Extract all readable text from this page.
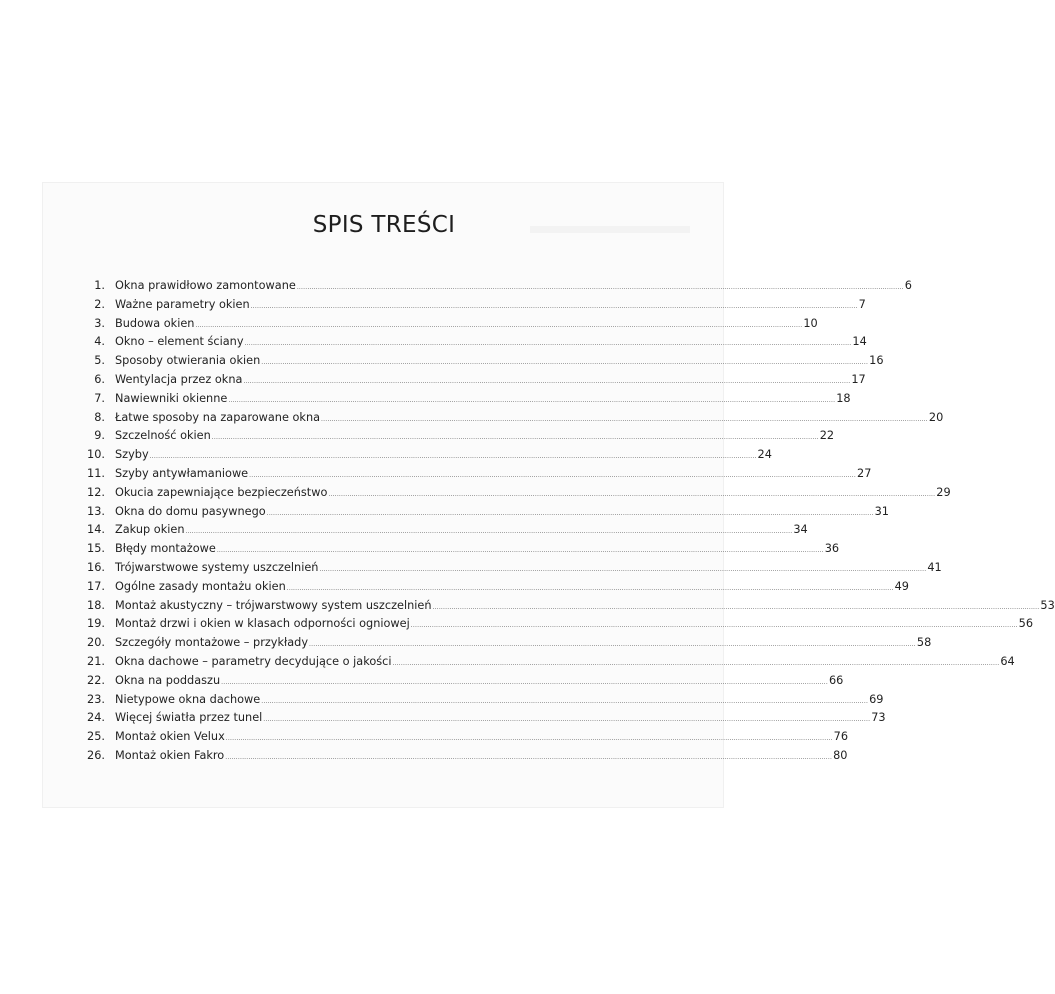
SPIS TREŚCI
1. Okna prawidłowo zamontowane ................................................................................................................................................................................................................................................................................................ 6
2. Ważne parametry okien ................................................................................................................................................................................................................................................................................................ 7
3. Budowa okien ................................................................................................................................................................................................................................................................................................ 10
4. Okno – element ściany ................................................................................................................................................................................................................................................................................................ 14
5. Sposoby otwierania okien ................................................................................................................................................................................................................................................................................................ 16
6. Wentylacja przez okna ................................................................................................................................................................................................................................................................................................ 17
7. Nawiewniki okienne ................................................................................................................................................................................................................................................................................................ 18
8. Łatwe sposoby na zaparowane okna ................................................................................................................................................................................................................................................................................................ 20
9. Szczelność okien ................................................................................................................................................................................................................................................................................................ 22
10. Szyby ................................................................................................................................................................................................................................................................................................ 24
11. Szyby antywłamaniowe ................................................................................................................................................................................................................................................................................................ 27
12. Okucia zapewniające bezpieczeństwo ................................................................................................................................................................................................................................................................................................ 29
13. Okna do domu pasywnego ................................................................................................................................................................................................................................................................................................ 31
14. Zakup okien ................................................................................................................................................................................................................................................................................................ 34
15. Błędy montażowe ................................................................................................................................................................................................................................................................................................ 36
16. Trójwarstwowe systemy uszczelnień ................................................................................................................................................................................................................................................................................................ 41
17. Ogólne zasady montażu okien ................................................................................................................................................................................................................................................................................................ 49
18. Montaż akustyczny – trójwarstwowy system uszczelnień ................................................................................................................................................................................................................................................................................................ 53
19. Montaż drzwi i okien w klasach odporności ogniowej ................................................................................................................................................................................................................................................................................................ 56
20. Szczegóły montażowe – przykłady ................................................................................................................................................................................................................................................................................................ 58
21. Okna dachowe – parametry decydujące o jakości ................................................................................................................................................................................................................................................................................................ 64
22. Okna na poddaszu ................................................................................................................................................................................................................................................................................................ 66
23. Nietypowe okna dachowe ................................................................................................................................................................................................................................................................................................ 69
24. Więcej światła przez tunel ................................................................................................................................................................................................................................................................................................ 73
25. Montaż okien Velux ................................................................................................................................................................................................................................................................................................ 76
26. Montaż okien Fakro ................................................................................................................................................................................................................................................................................................ 80
